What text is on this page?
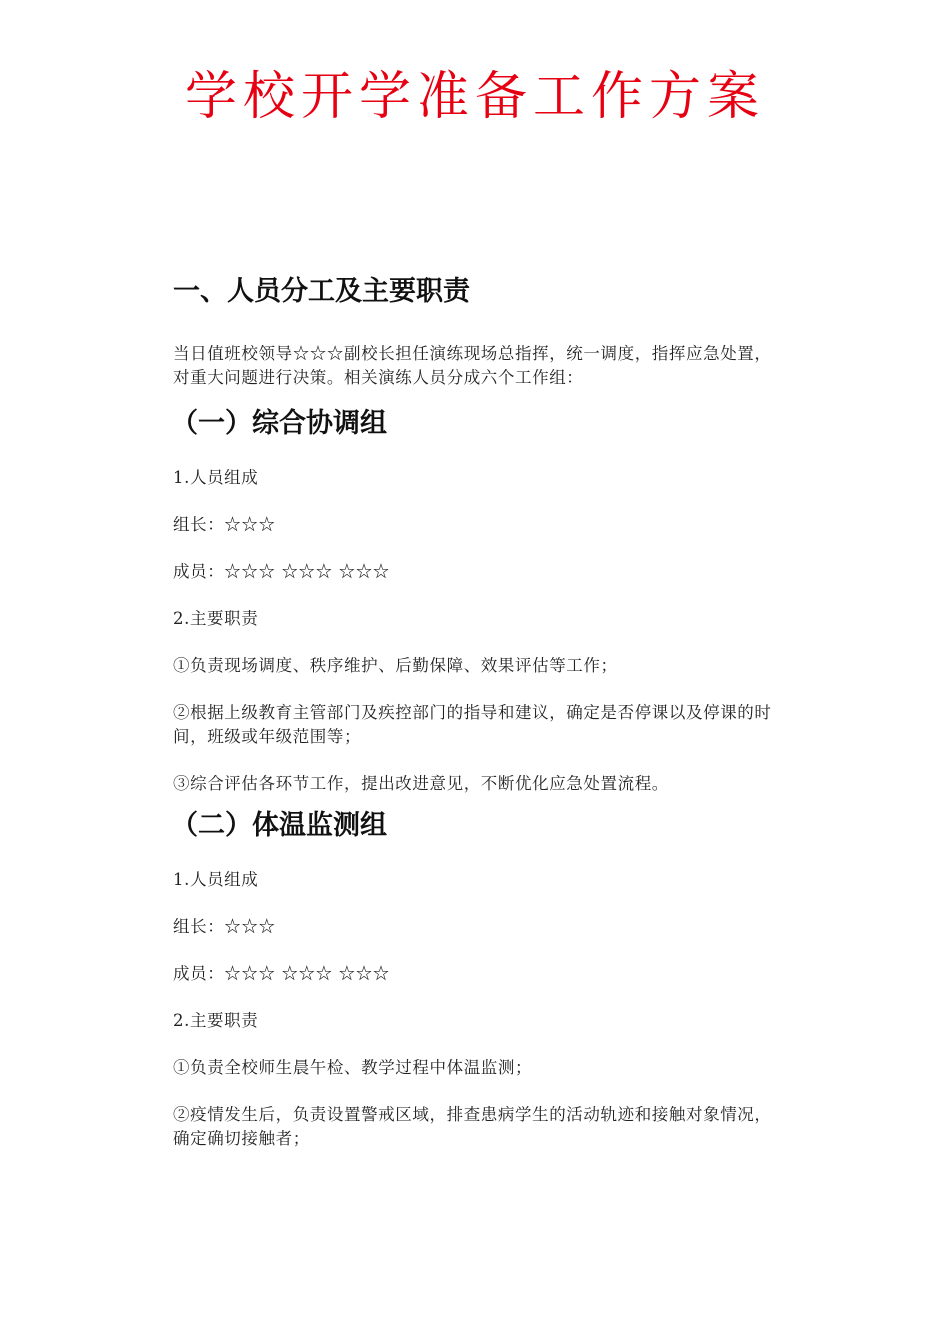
学校开学准备工作方案
一、人员分工及主要职责
当日值班校领导☆☆☆副校长担任演练现场总指挥，统一调度，指挥应急处置，对重大问题进行决策。相关演练人员分成六个工作组：
（一）综合协调组
1.人员组成
组长：☆☆☆
成员：☆☆☆ ☆☆☆ ☆☆☆
2.主要职责
①负责现场调度、秩序维护、后勤保障、效果评估等工作；
②根据上级教育主管部门及疾控部门的指导和建议，确定是否停课以及停课的时间，班级或年级范围等；
③综合评估各环节工作，提出改进意见，不断优化应急处置流程。
（二）体温监测组
1.人员组成
组长：☆☆☆
成员：☆☆☆ ☆☆☆ ☆☆☆
2.主要职责
①负责全校师生晨午检、教学过程中体温监测；
②疫情发生后，负责设置警戒区域，排查患病学生的活动轨迹和接触对象情况，确定确切接触者；
